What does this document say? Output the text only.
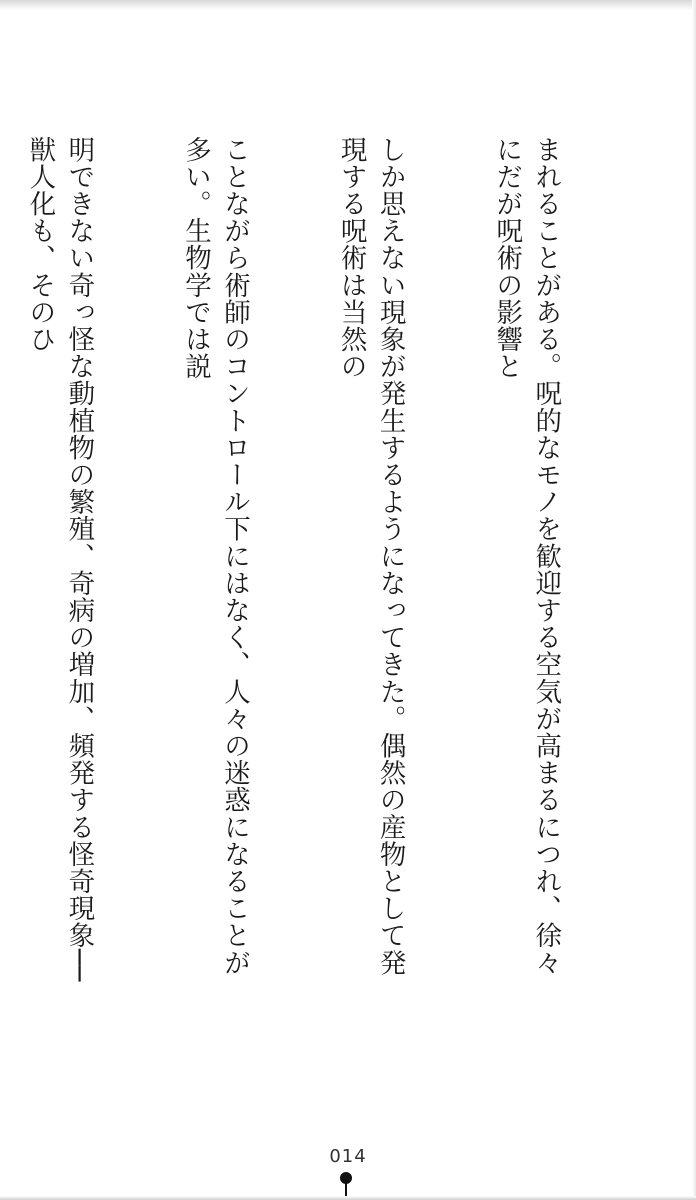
まれることがある。呪的なモノを歓迎する空気が高まるにつれ、徐々にだが呪術の影響と

しか思えない現象が発生するようになってきた。偶然の産物として発現する呪術は当然の

ことながら術師のコントロール下にはなく、人々の迷惑になることが多い。生物学では説

明できない奇っ怪な動植物の繁殖、奇病の増加、頻発する怪奇現象──獣人化も、そのひ

014
